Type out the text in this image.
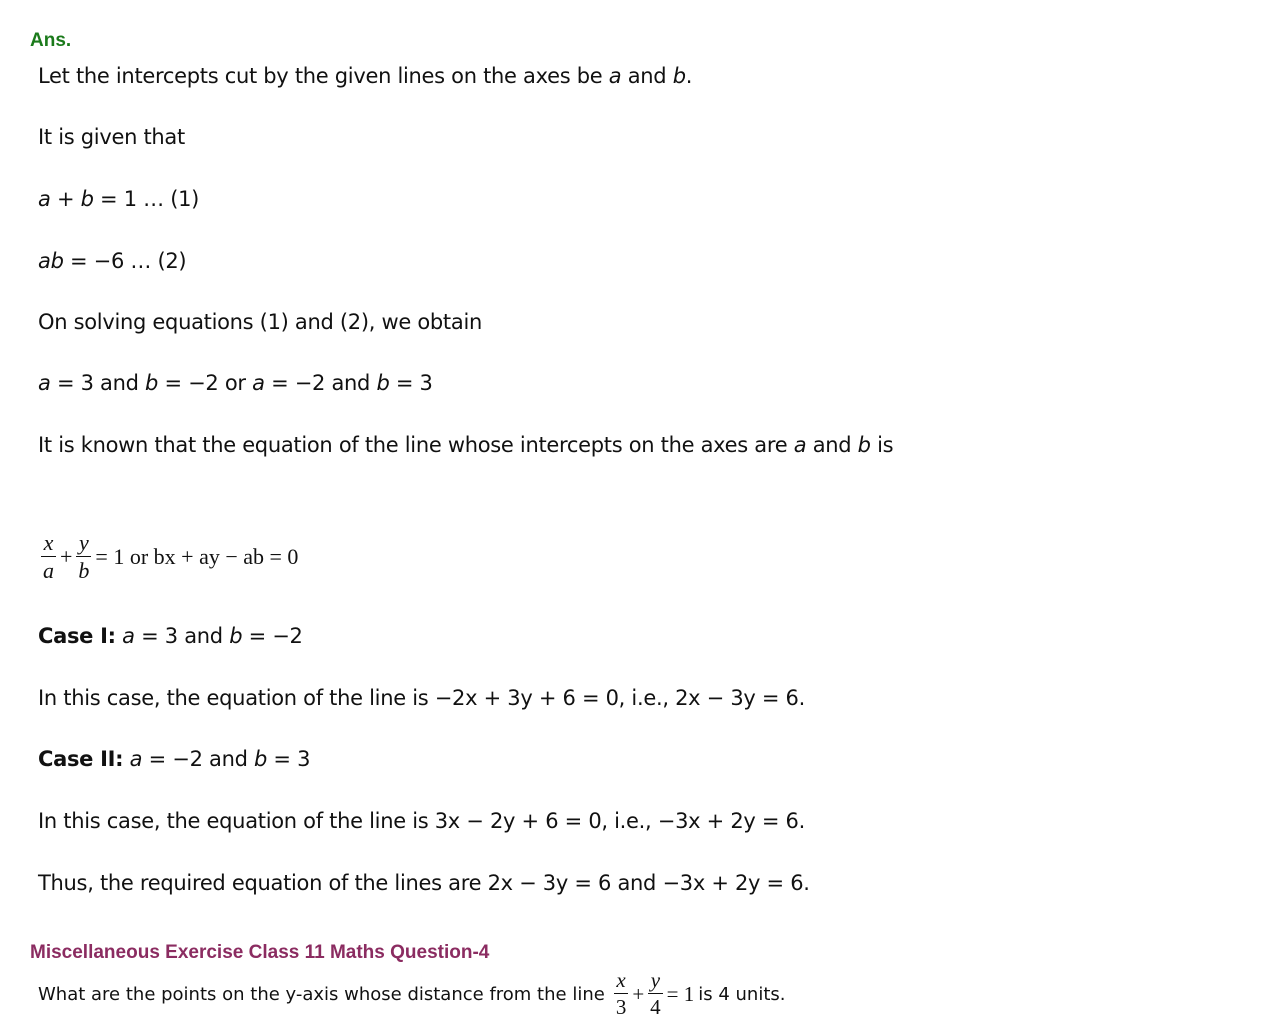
Ans.
Let the intercepts cut by the given lines on the axes be a and b.
It is given that
a + b = 1 … (1)
ab = −6 … (2)
On solving equations (1) and (2), we obtain
a = 3 and b = −2 or a = −2 and b = 3
It is known that the equation of the line whose intercepts on the axes are a and b is
$\frac{x}{a} + \frac{y}{b} = 1$ or bx + ay − ab = 0
Case I: a = 3 and b = −2
In this case, the equation of the line is −2x + 3y + 6 = 0, i.e., 2x − 3y = 6.
Case II: a = −2 and b = 3
In this case, the equation of the line is 3x − 2y + 6 = 0, i.e., −3x + 2y = 6.
Thus, the required equation of the lines are 2x − 3y = 6 and −3x + 2y = 6.
Miscellaneous Exercise Class 11 Maths Question-4
What are the points on the y-axis whose distance from the line $\frac{x}{3} + \frac{y}{4} = 1$ is 4 units.
